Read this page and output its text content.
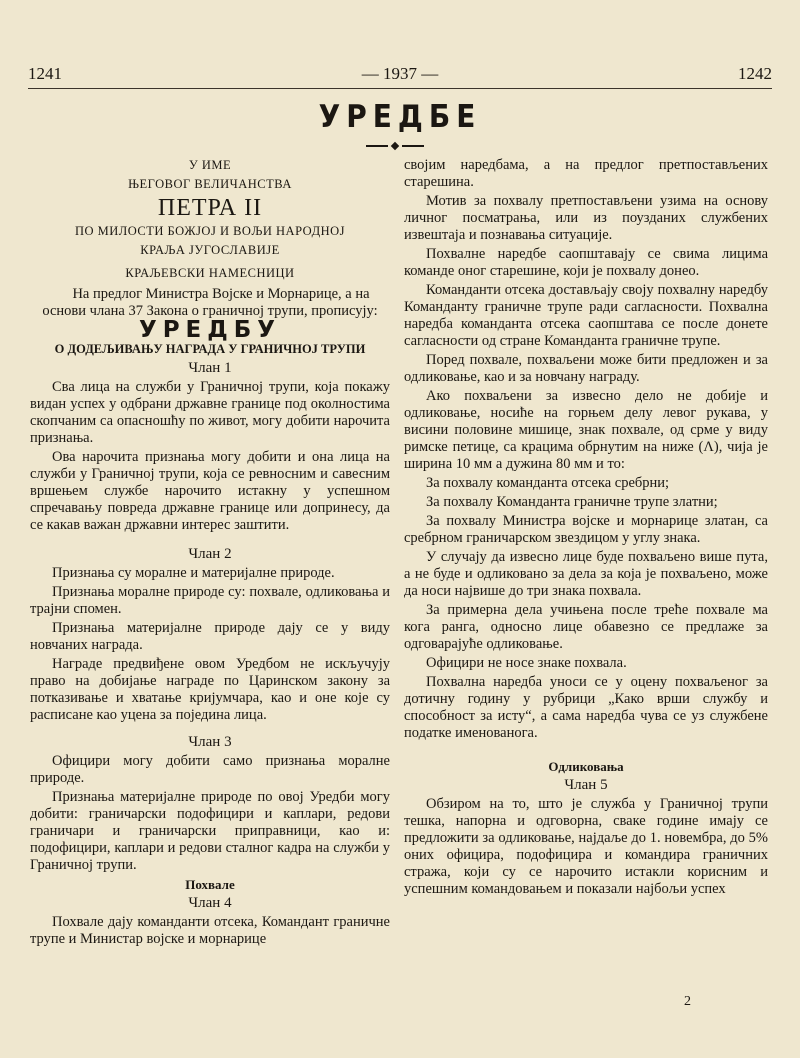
1241	— 1937 —	1242
УРЕДБЕ

У ИМЕ

ЊЕГОВОГ ВЕЛИЧАНСТВА

ПЕТРА II

ПО МИЛОСТИ БОЖЈОЈ И ВОЉИ НАРОДНОЈ

КРАЉА ЈУГОСЛАВИЈЕ

КРАЉЕВСКИ НАМЕСНИЦИ

На предлог Министра Војске и Морнарице, а на основи члана 37 Закона о граничној трупи, прописују:

УРЕДБУ

О ДОДЕЉИВАЊУ НАГРАДА У ГРАНИЧНОЈ ТРУПИ

Члан 1

Сва лица на служби у Граничној трупи, која покажу видан успех у одбрани државне границе под околностима скопчаним са опасношћу по живот, могу добити нарочита признања.

Ова нарочита признања могу добити и она лица на служби у Граничној трупи, која се ревносним и савесним вршењем службе нарочито истакну у успешном спречавању повреда државне границе или допринесу, да се какав важан државни интерес заштити.

Члан 2

Признања су моралне и материјалне природе.

Признања моралне природе су: похвале, одликовања и трајни спомен.

Признања материјалне природе дају се у виду новчаних награда.

Награде предвиђене овом Уредбом не искључују право на добијање награде по Царинском закону за потказивање и хватање кријумчара, као и оне које су расписане као уцена за поједина лица.

Члан 3

Официри могу добити само признања моралне природе.

Признања материјалне природе по овој Уредби могу добити: граничарски подофицири и каплари, редови граничари и граничарски приправници, као и: подофицири, каплари и редови сталног кадра на служби у Граничној трупи.

Похвале

Члан 4

Похвале дају команданти отсека, Командант граничне трупе и Министар војске и морнарице

својим наредбама, а на предлог претпостављених старешина.

Мотив за похвалу претпостављени узима на основу личног посматрања, или из поузданих службених извештаја и познавања ситуације.

Похвалне наредбе саопштавају се свима лицима команде оног старешине, који је похвалу донео.

Команданти отсека достављају своју похвалну наредбу Команданту граничне трупе ради сагласности. Похвална наредба команданта отсека саопштава се после донете сагласности од стране Команданта граничне трупе.

Поред похвале, похваљени може бити предложен и за одликовање, као и за новчану награду.

Ако похваљени за извесно дело не добије и одликовање, носиће на горњем делу левог рукава, у висини половине мишице, знак похвале, од срме у виду римске петице, са крацима обрнутим на ниже (Λ), чија је ширина 10 мм а дужина 80 мм и то:

За похвалу команданта отсека сребрни;

За похвалу Команданта граничне трупе златни;

За похвалу Министра војске и морнарице златан, са сребрном граничарском звездицом у углу знака.

У случају да извесно лице буде похваљено више пута, а не буде и одликовано за дела за која је похваљено, може да носи највише до три знака похвала.

За примерна дела учињена после треће похвале ма кога ранга, односно лице обавезно се предлаже за одговарајуће одликовање.

Официри не носе знаке похвала.

Похвална наредба уноси се у оцену похваљеног за дотичну годину у рубрици „Како врши службу и способност за исту“, а сама наредба чува се уз службене податке именованога.

Одликовања

Члан 5

Обзиром на то, што је служба у Граничној трупи тешка, напорна и одговорна, сваке године имају се предложити за одликовање, најдаље до 1. новембра, до 5% оних официра, подофицира и командира граничних стража, који су се нарочито истакли корисним и успешним командовањем и показали најбољи успех

2
